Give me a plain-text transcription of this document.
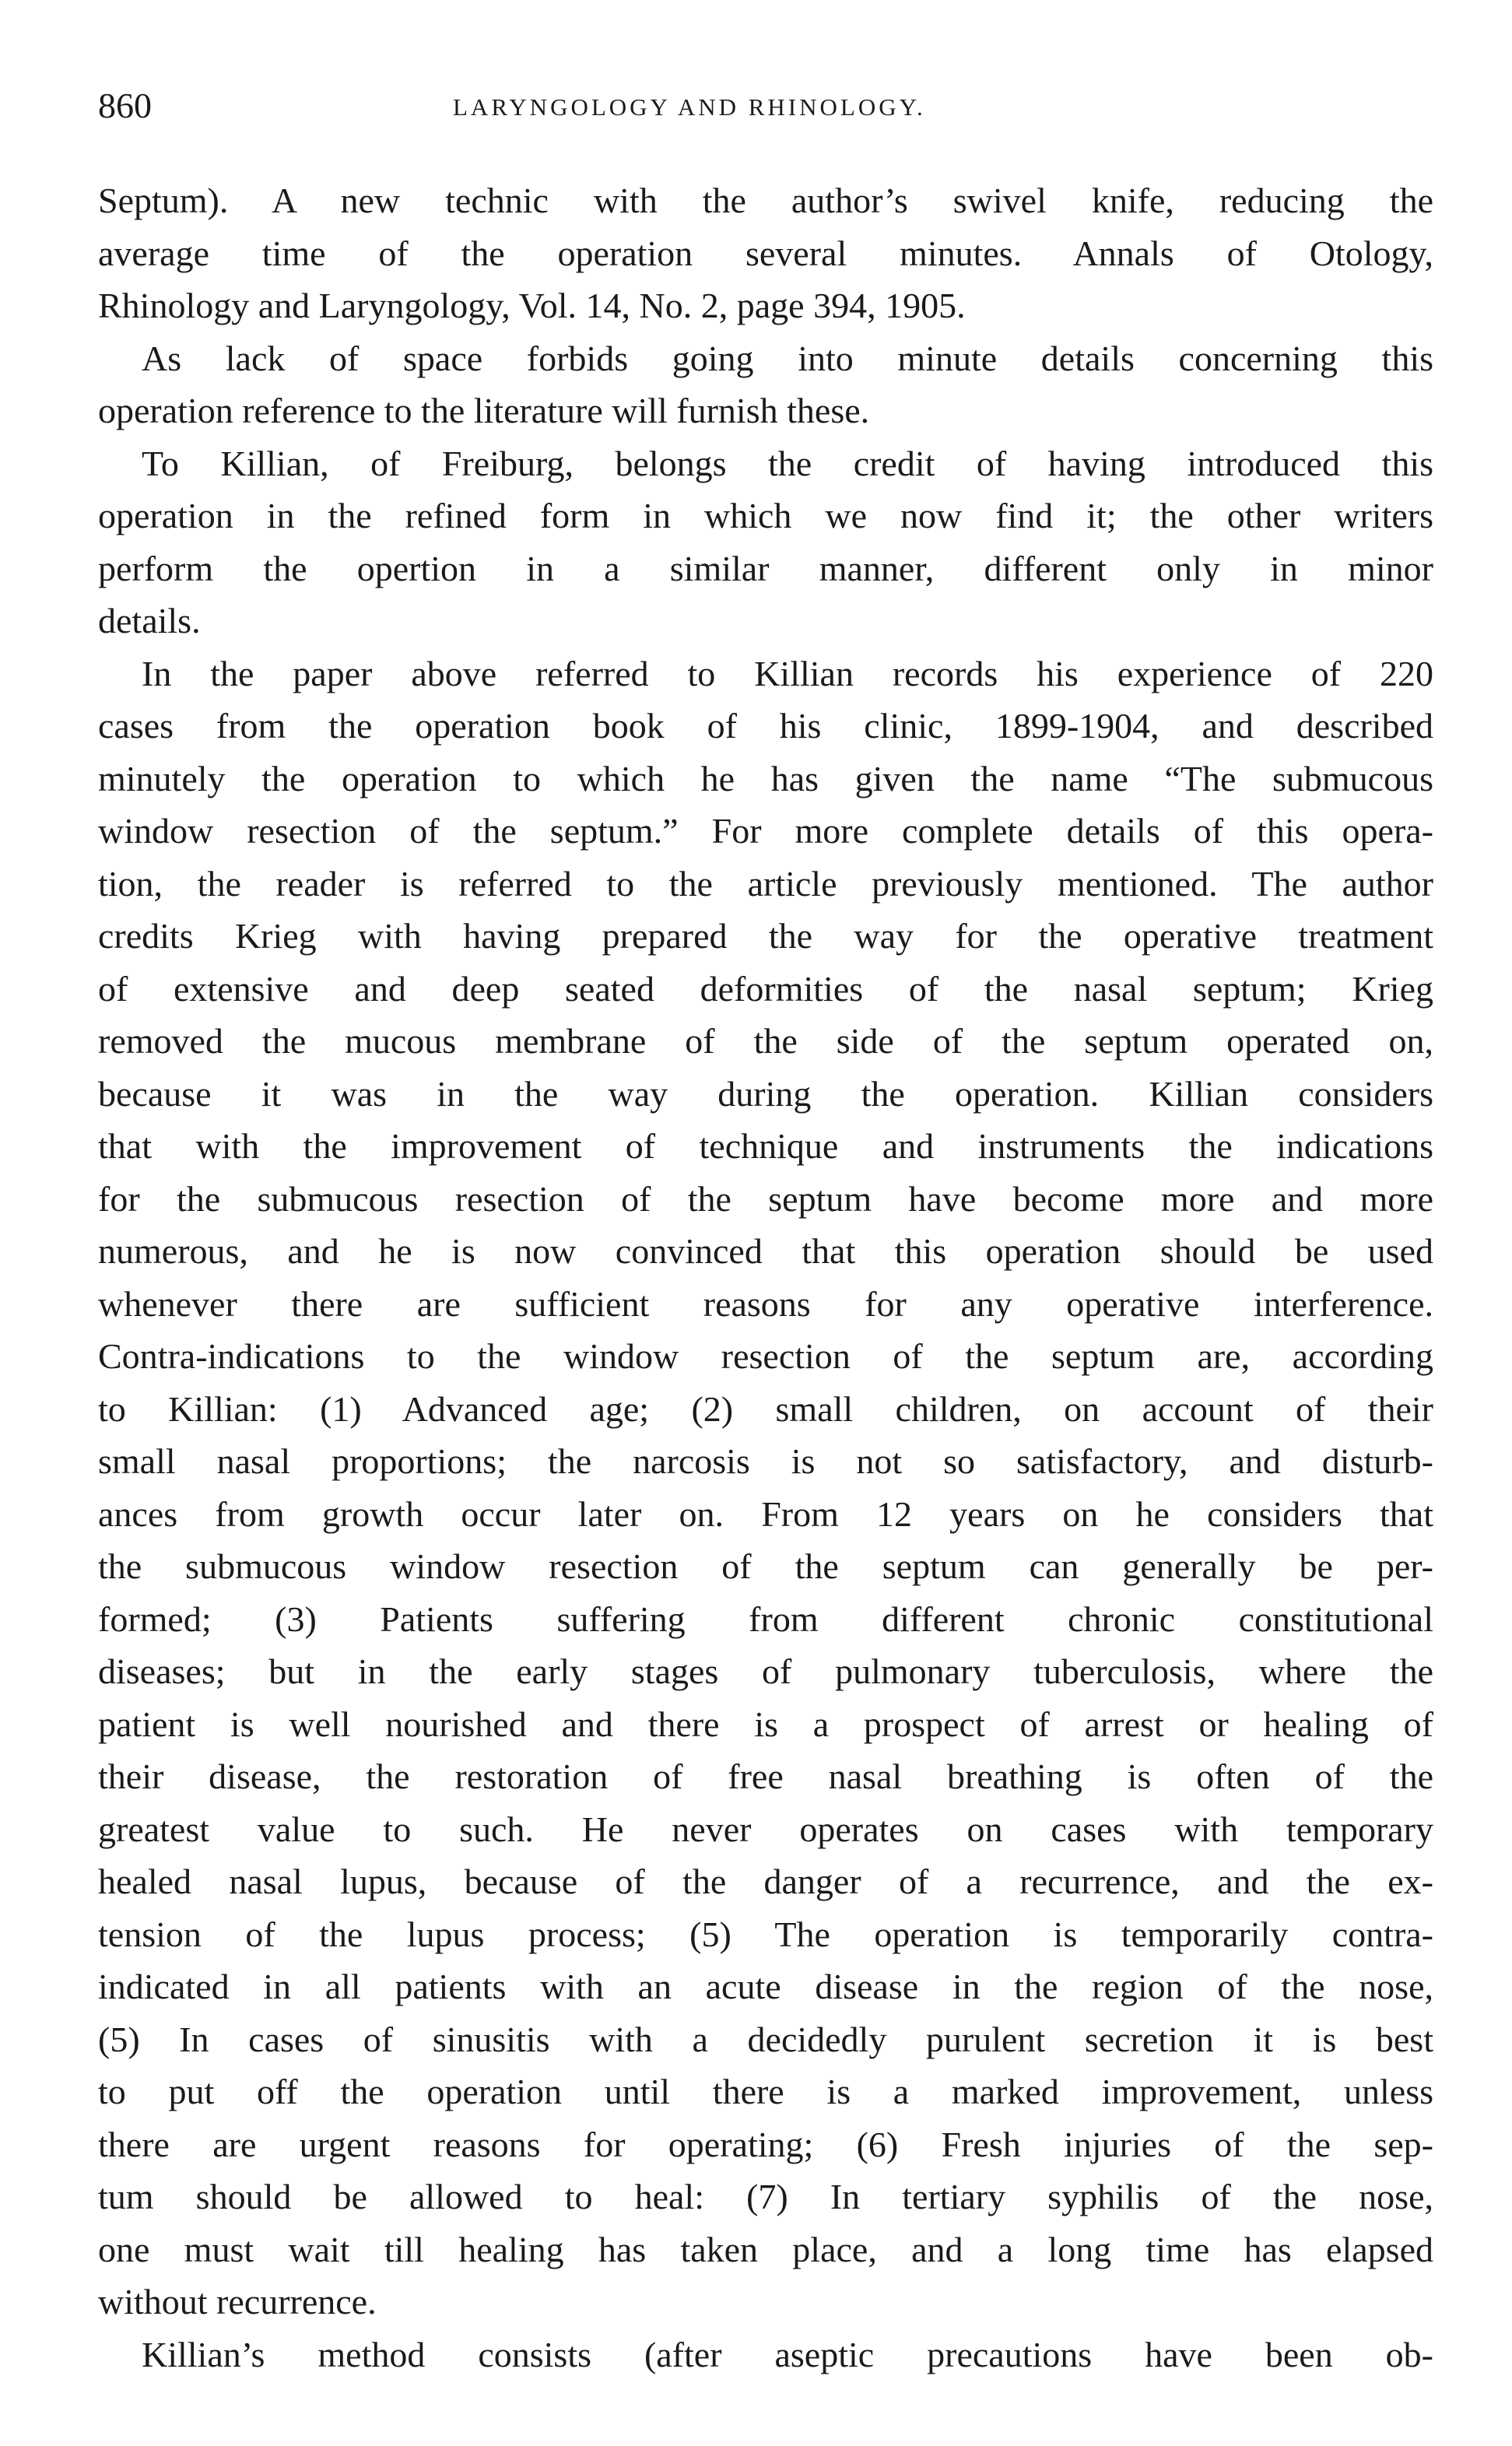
860	LARYNGOLOGY AND RHINOLOGY.
Septum). A new technic with the author’s swivel knife, reducing the
average time of the operation several minutes. Annals of Otology,
Rhinology and Laryngology, Vol. 14, No. 2, page 394, 1905.
As lack of space forbids going into minute details concerning this
operation reference to the literature will furnish these.
To Killian, of Freiburg, belongs the credit of having introduced this
operation in the refined form in which we now find it; the other writers
perform the opertion in a similar manner, different only in minor
details.
In the paper above referred to Killian records his experience of 220
cases from the operation book of his clinic, 1899-1904, and described
minutely the operation to which he has given the name “The submucous
window resection of the septum.” For more complete details of this opera-
tion, the reader is referred to the article previously mentioned. The author
credits Krieg with having prepared the way for the operative treatment
of extensive and deep seated deformities of the nasal septum; Krieg
removed the mucous membrane of the side of the septum operated on,
because it was in the way during the operation. Killian considers
that with the improvement of technique and instruments the indications
for the submucous resection of the septum have become more and more
numerous, and he is now convinced that this operation should be used
whenever there are sufficient reasons for any operative interference.
Contra-indications to the window resection of the septum are, according
to Killian: (1) Advanced age; (2) small children, on account of their
small nasal proportions; the narcosis is not so satisfactory, and disturb-
ances from growth occur later on. From 12 years on he considers that
the submucous window resection of the septum can generally be per-
formed; (3) Patients suffering from different chronic constitutional
diseases; but in the early stages of pulmonary tuberculosis, where the
patient is well nourished and there is a prospect of arrest or healing of
their disease, the restoration of free nasal breathing is often of the
greatest value to such. He never operates on cases with temporary
healed nasal lupus, because of the danger of a recurrence, and the ex-
tension of the lupus process; (5) The operation is temporarily contra-
indicated in all patients with an acute disease in the region of the nose,
(5) In cases of sinusitis with a decidedly purulent secretion it is best
to put off the operation until there is a marked improvement, unless
there are urgent reasons for operating; (6) Fresh injuries of the sep-
tum should be allowed to heal: (7) In tertiary syphilis of the nose,
one must wait till healing has taken place, and a long time has elapsed
without recurrence.
Killian’s method consists (after aseptic precautions have been ob-
